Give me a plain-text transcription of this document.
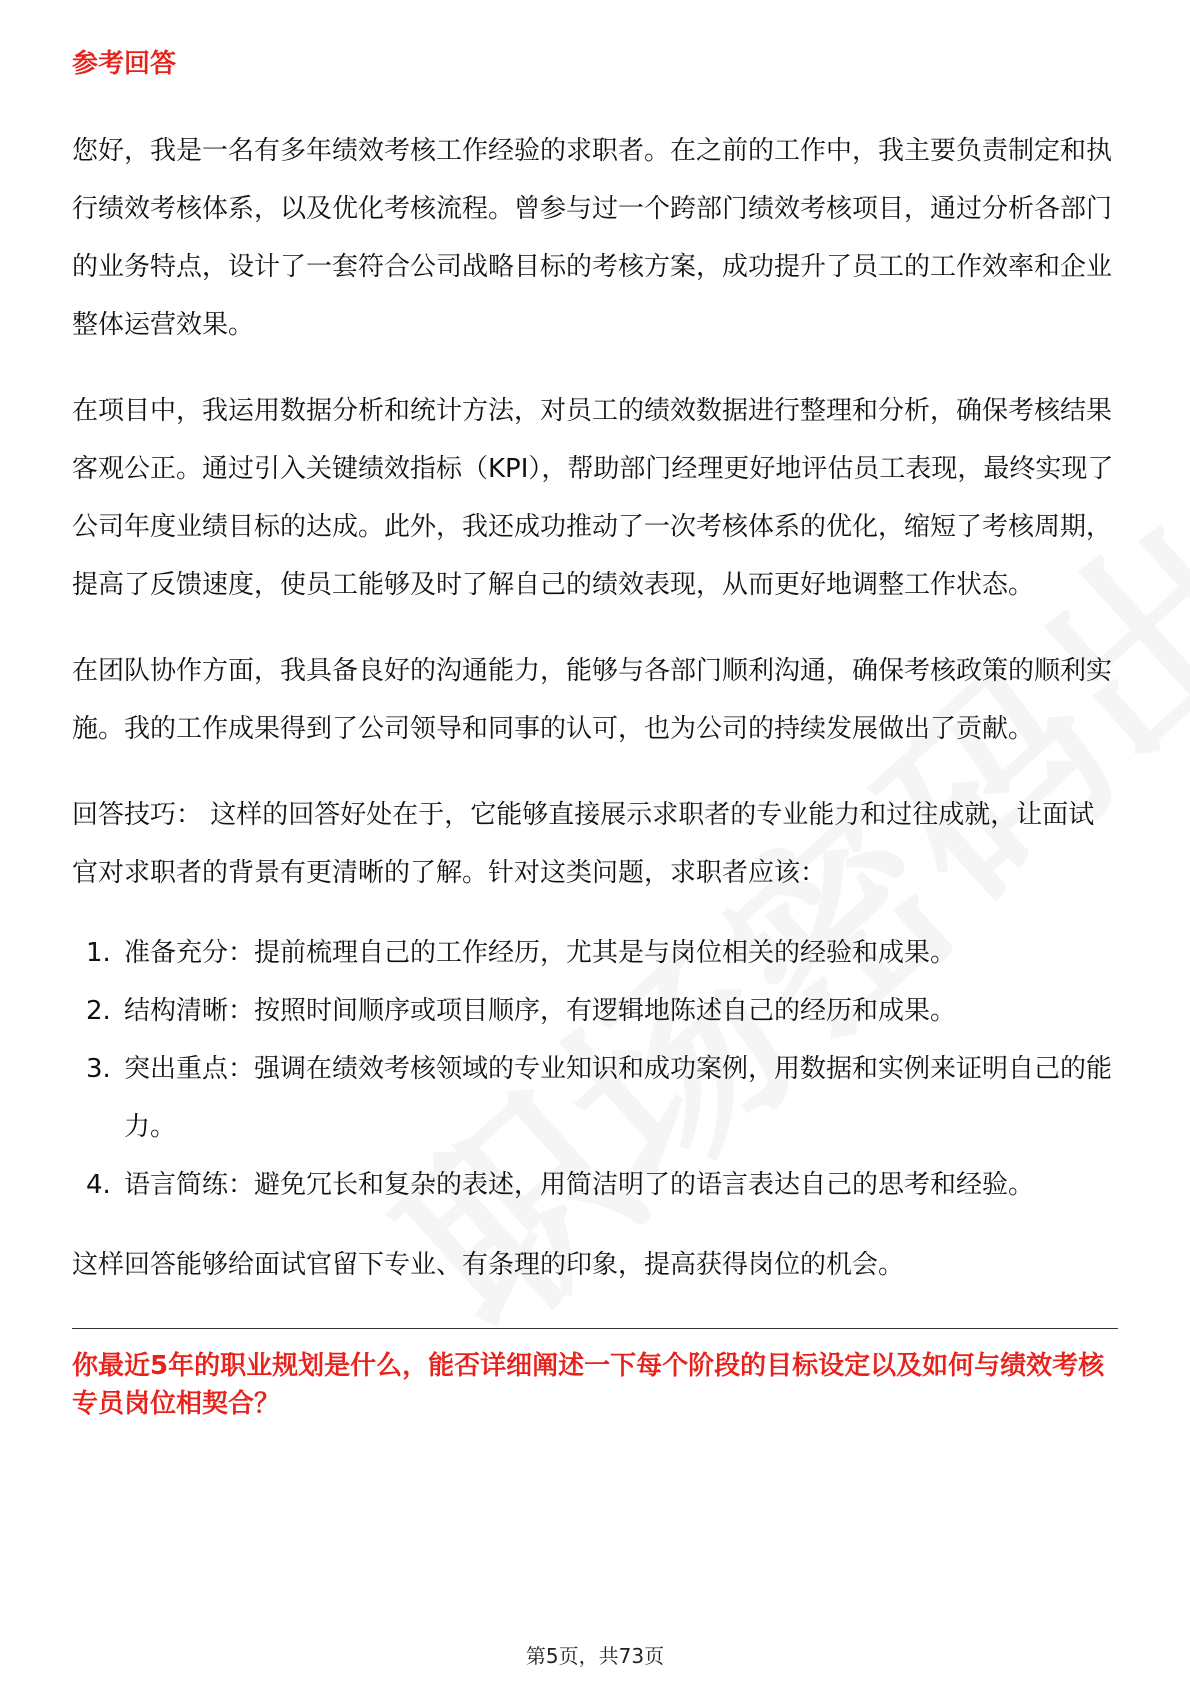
参考回答

您好，我是一名有多年绩效考核工作经验的求职者。在之前的工作中，我主要负责制定和执行绩效考核体系，以及优化考核流程。曾参与过一个跨部门绩效考核项目，通过分析各部门的业务特点，设计了一套符合公司战略目标的考核方案，成功提升了员工的工作效率和企业整体运营效果。

在项目中，我运用数据分析和统计方法，对员工的绩效数据进行整理和分析，确保考核结果客观公正。通过引入关键绩效指标（KPI），帮助部门经理更好地评估员工表现，最终实现了公司年度业绩目标的达成。此外，我还成功推动了一次考核体系的优化，缩短了考核周期，提高了反馈速度，使员工能够及时了解自己的绩效表现，从而更好地调整工作状态。

在团队协作方面，我具备良好的沟通能力，能够与各部门顺利沟通，确保考核政策的顺利实施。我的工作成果得到了公司领导和同事的认可，也为公司的持续发展做出了贡献。

回答技巧： 这样的回答好处在于，它能够直接展示求职者的专业能力和过往成就，让面试官对求职者的背景有更清晰的了解。针对这类问题，求职者应该：

1. 准备充分：提前梳理自己的工作经历，尤其是与岗位相关的经验和成果。
2. 结构清晰：按照时间顺序或项目顺序，有逻辑地陈述自己的经历和成果。
3. 突出重点：强调在绩效考核领域的专业知识和成功案例，用数据和实例来证明自己的能力。
4. 语言简练：避免冗长和复杂的表述，用简洁明了的语言表达自己的思考和经验。

这样回答能够给面试官留下专业、有条理的印象，提高获得岗位的机会。

你最近5年的职业规划是什么，能否详细阐述一下每个阶段的目标设定以及如何与绩效考核专员岗位相契合？

第5页，共73页
